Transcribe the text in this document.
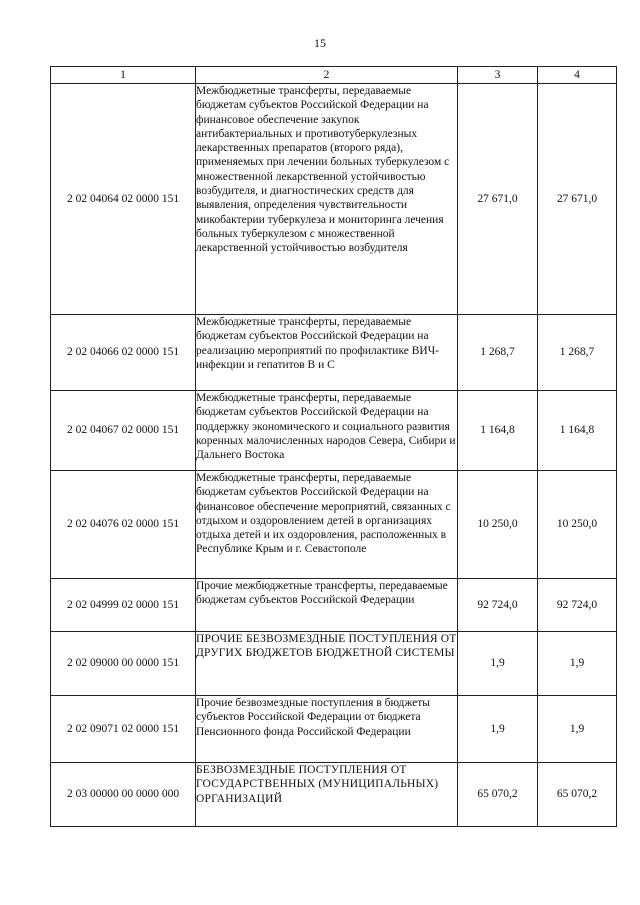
15
1	2	3	4
2 02 04064 02 0000 151	Межбюджетные трансферты, передаваемые бюджетам субъектов Российской Федерации на финансовое обеспечение закупок антибактериальных и противотуберкулезных лекарственных препаратов (второго ряда), применяемых при лечении больных туберкулезом с множественной лекарственной устойчивостью возбудителя, и диагностических средств для выявления, определения чувствительности микобактерии туберкулеза и мониторинга лечения больных туберкулезом с множественной лекарственной устойчивостью возбудителя	27 671,0	27 671,0
2 02 04066 02 0000 151	Межбюджетные трансферты, передаваемые бюджетам субъектов Российской Федерации на реализацию мероприятий по профилактике ВИЧ-инфекции и гепатитов В и С	1 268,7	1 268,7
2 02 04067 02 0000 151	Межбюджетные трансферты, передаваемые бюджетам субъектов Российской Федерации на поддержку экономического и социального развития коренных малочисленных народов Севера, Сибири и Дальнего Востока	1 164,8	1 164,8
2 02 04076 02 0000 151	Межбюджетные трансферты, передаваемые бюджетам субъектов Российской Федерации на финансовое обеспечение мероприятий, связанных с отдыхом и оздоровлением детей в организациях отдыха детей и их оздоровления, расположенных в Республике Крым и г. Севастополе	10 250,0	10 250,0
2 02 04999 02 0000 151	Прочие межбюджетные трансферты, передаваемые бюджетам субъектов Российской Федерации	92 724,0	92 724,0
2 02 09000 00 0000 151	ПРОЧИЕ БЕЗВОЗМЕЗДНЫЕ ПОСТУПЛЕНИЯ ОТ ДРУГИХ БЮДЖЕТОВ БЮДЖЕТНОЙ СИСТЕМЫ	1,9	1,9
2 02 09071 02 0000 151	Прочие безвозмездные поступления в бюджеты субъектов Российской Федерации от бюджета Пенсионного фонда Российской Федерации	1,9	1,9
2 03 00000 00 0000 000	БЕЗВОЗМЕЗДНЫЕ ПОСТУПЛЕНИЯ ОТ ГОСУДАРСТВЕННЫХ (МУНИЦИПАЛЬНЫХ) ОРГАНИЗАЦИЙ	65 070,2	65 070,2
